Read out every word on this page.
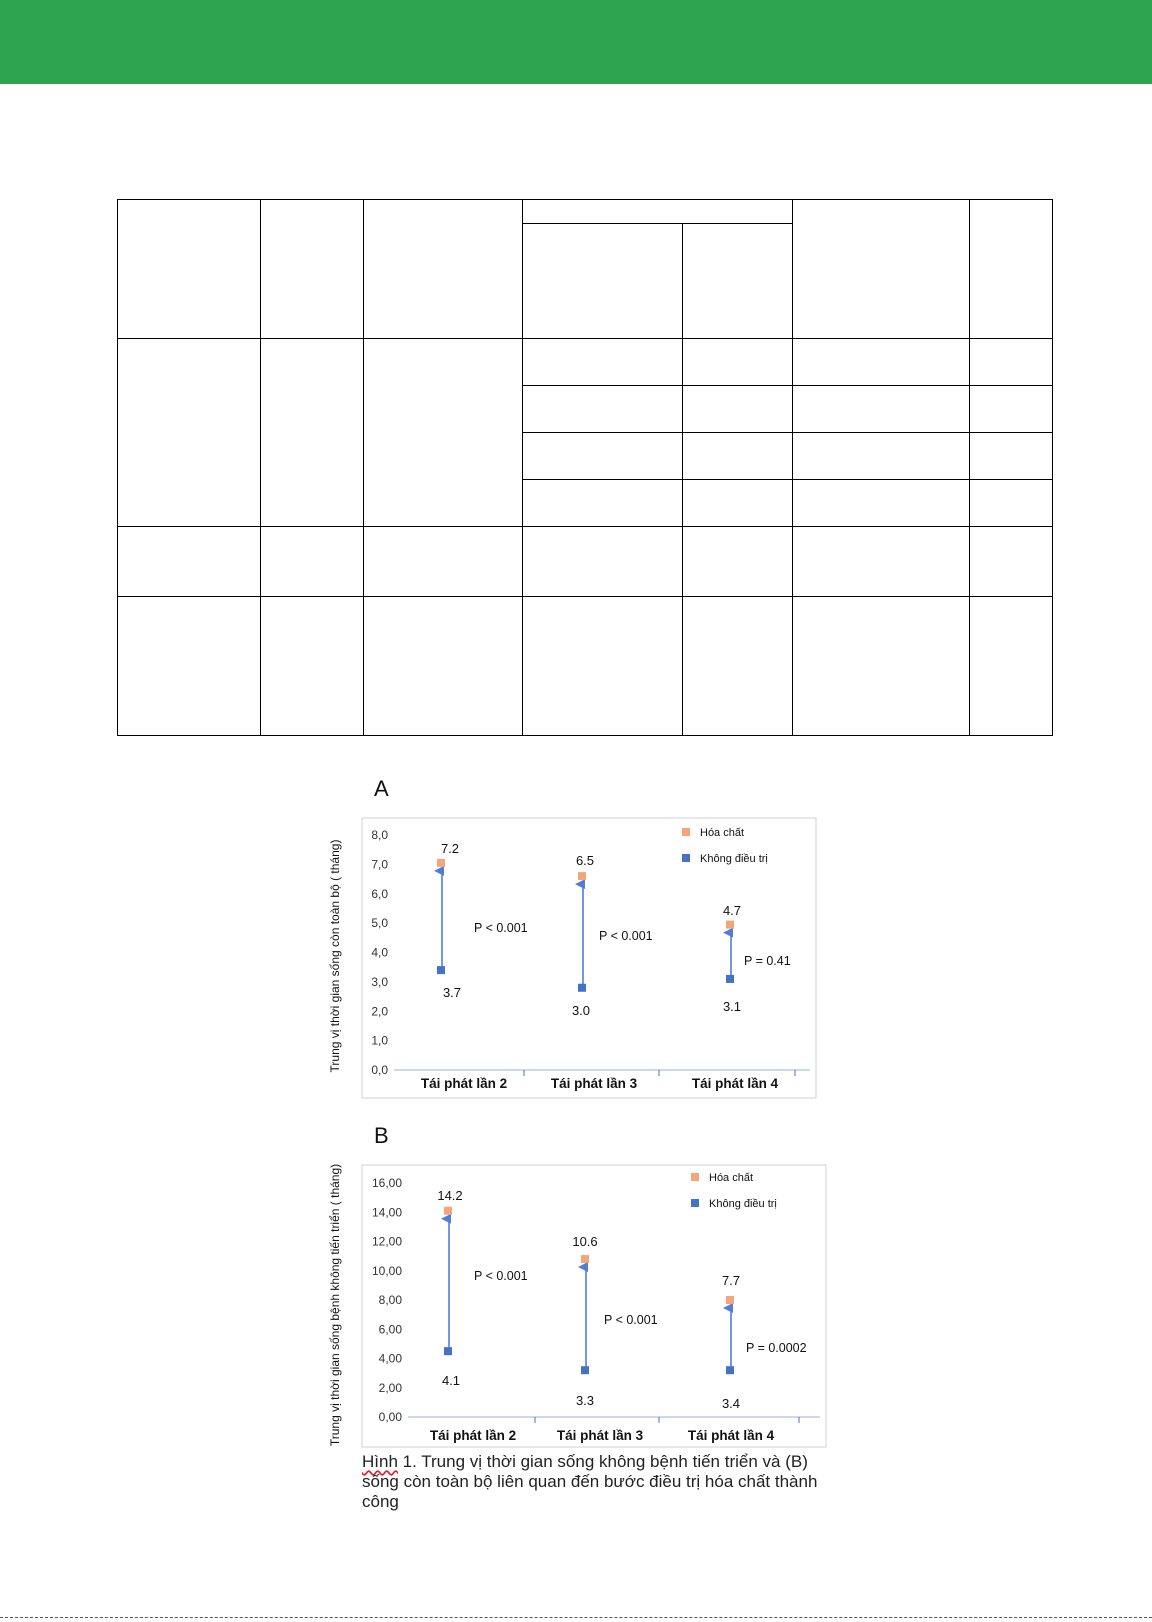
A
Trung vị thời gian sống còn toàn bộ ( tháng) 0,0
1,0
2,0
3,0
4,0
5,0
6,0
7,0
8,0
Tái phát lần 2	Tái phát lần 3	Tái phát lần 4
7.2
3.7
P < 0.001
6.5
3.0
P < 0.001
4.7
3.1
P = 0.41
Hóa chất
Không điều trị
B
Trung vị thời gian sống bệnh không tiến triển ( tháng)	0,00
2,00
4,00
6,00
8,00
10,00
12,00
14,00
16,00
Tái phát lần 2	Tái phát lần 3	Tái phát lần 4
14.2
4.1
P < 0.001
10.6
3.3
P < 0.001
7.7
3.4
P = 0.0002
Hóa chất
Không điều trị
Hình 1. Trung vị thời gian sống không bệnh tiến triển và (B) sống còn toàn bộ liên quan đến bước điều trị hóa chất thành công
